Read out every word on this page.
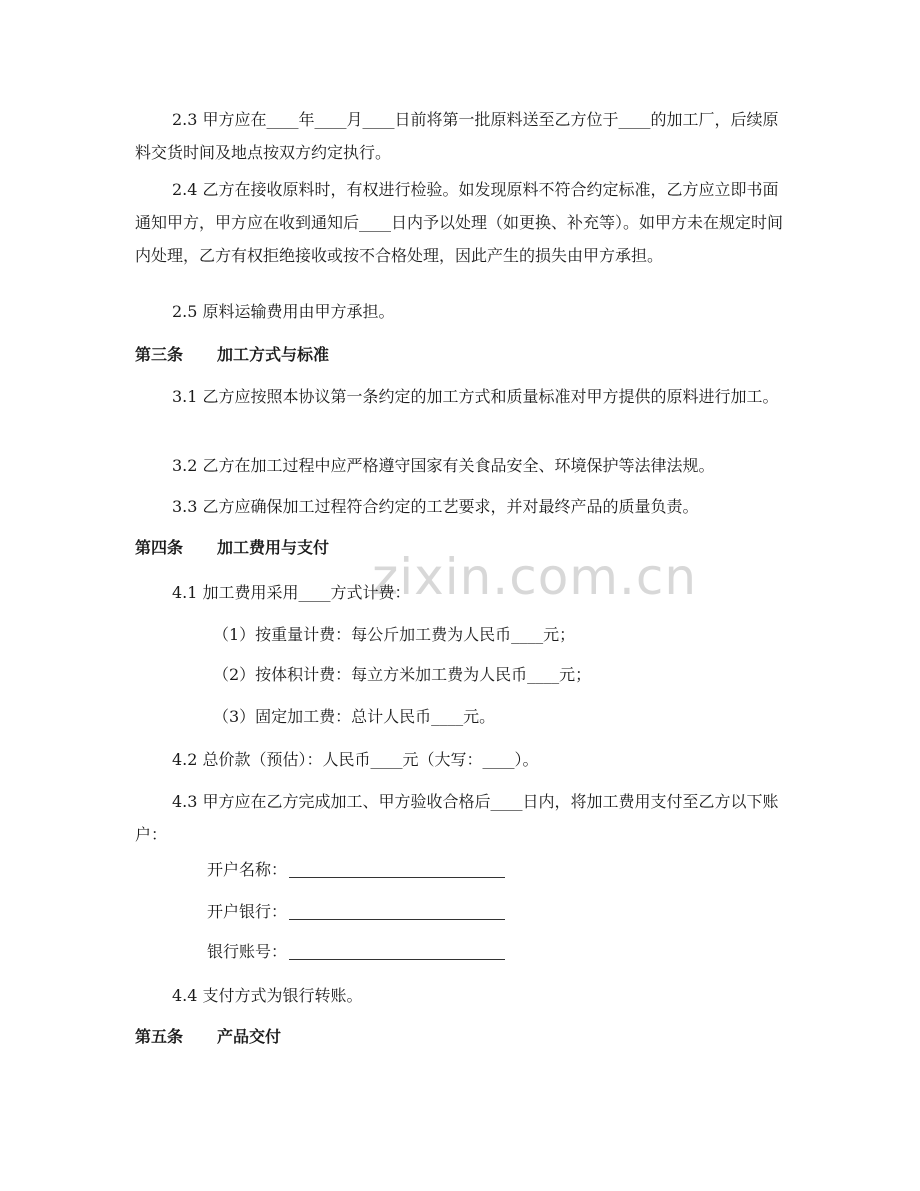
zixin.com.cn
2.3 甲方应在____年____月____日前将第一批原料送至乙方位于____的加工厂，后续原料交货时间及地点按双方约定执行。
2.4 乙方在接收原料时，有权进行检验。如发现原料不符合约定标准，乙方应立即书面通知甲方，甲方应在收到通知后____日内予以处理（如更换、补充等）。如甲方未在规定时间内处理，乙方有权拒绝接收或按不合格处理，因此产生的损失由甲方承担。
2.5 原料运输费用由甲方承担。
第三条 加工方式与标准
3.1 乙方应按照本协议第一条约定的加工方式和质量标准对甲方提供的原料进行加工。
3.2 乙方在加工过程中应严格遵守国家有关食品安全、环境保护等法律法规。
3.3 乙方应确保加工过程符合约定的工艺要求，并对最终产品的质量负责。
第四条 加工费用与支付
4.1 加工费用采用____方式计费：
（1）按重量计费：每公斤加工费为人民币____元；
（2）按体积计费：每立方米加工费为人民币____元；
（3）固定加工费：总计人民币____元。
4.2 总价款（预估）：人民币____元（大写：____）。
4.3 甲方应在乙方完成加工、甲方验收合格后____日内，将加工费用支付至乙方以下账户：
开户名称：
开户银行：
银行账号：
4.4 支付方式为银行转账。
第五条 产品交付
